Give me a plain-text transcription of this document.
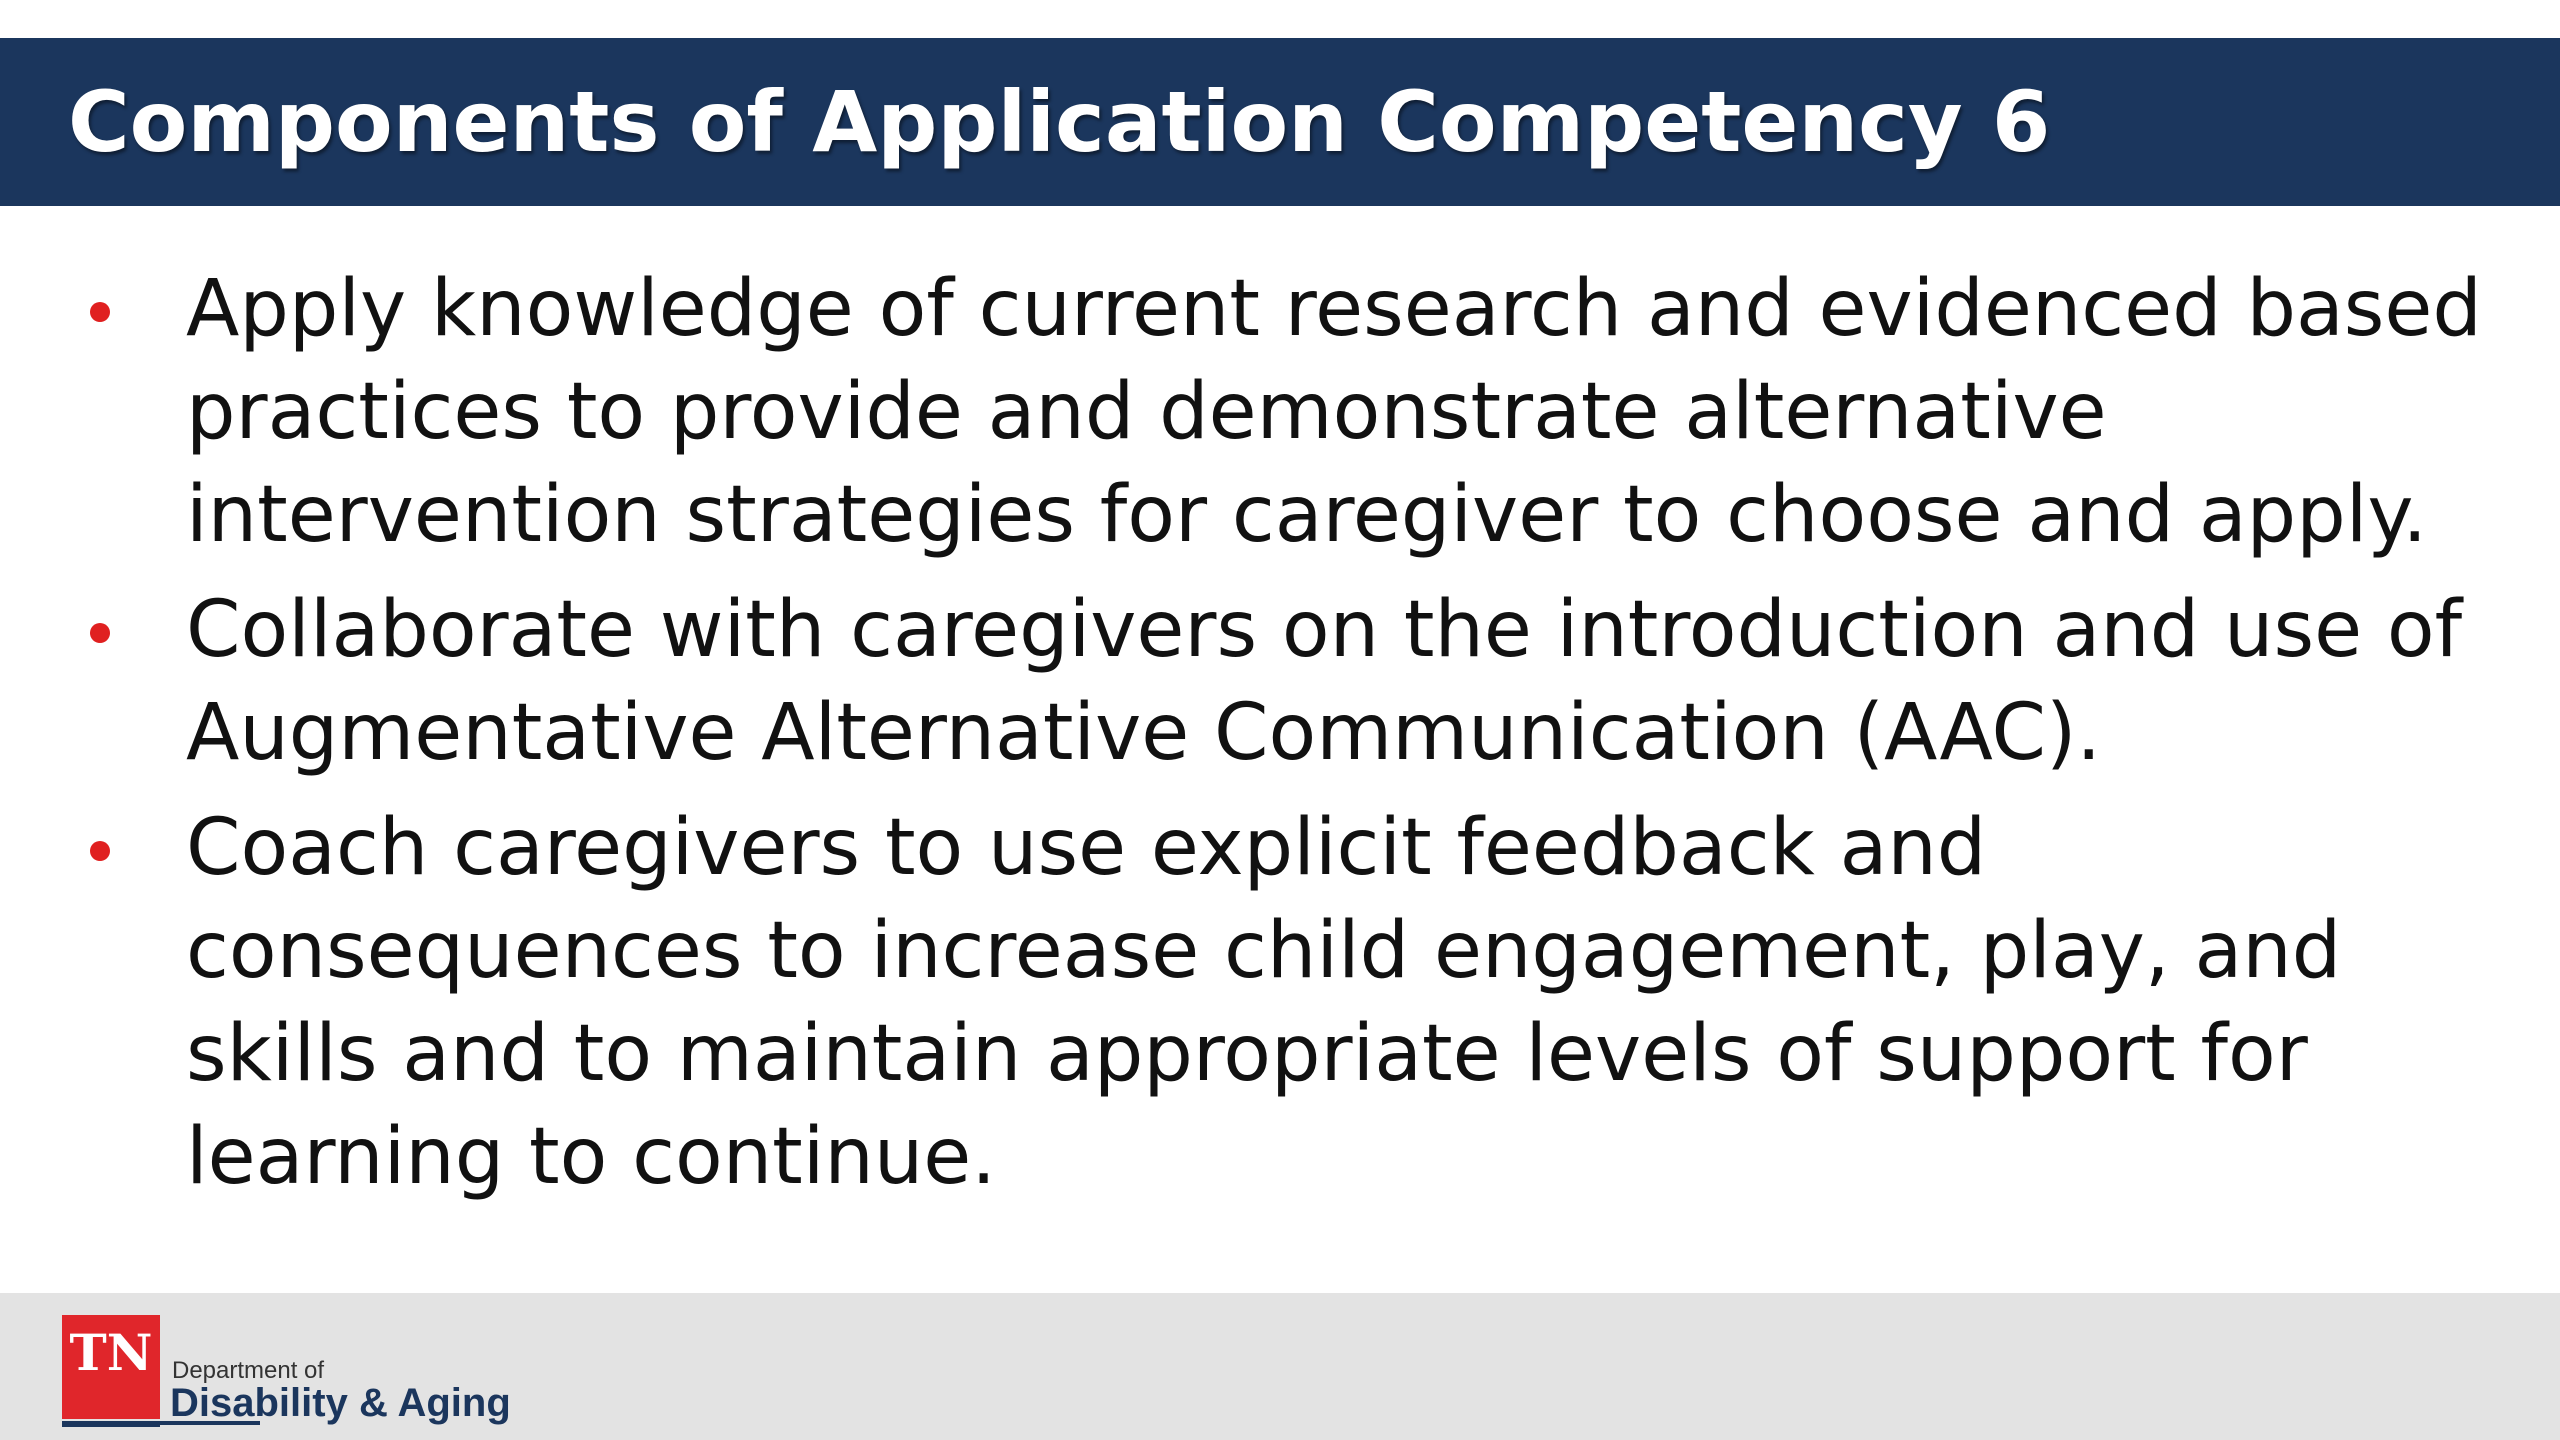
Components of Application Competency 6
Apply knowledge of current research and evidenced based practices to provide and demonstrate alternative intervention strategies for caregiver to choose and apply.
Collaborate with caregivers on the introduction and use of Augmentative Alternative Communication (AAC).
Coach caregivers to use explicit feedback and consequences to increase child engagement, play, and skills and to maintain appropriate levels of support for learning to continue.
TN Department of
Disability & Aging
